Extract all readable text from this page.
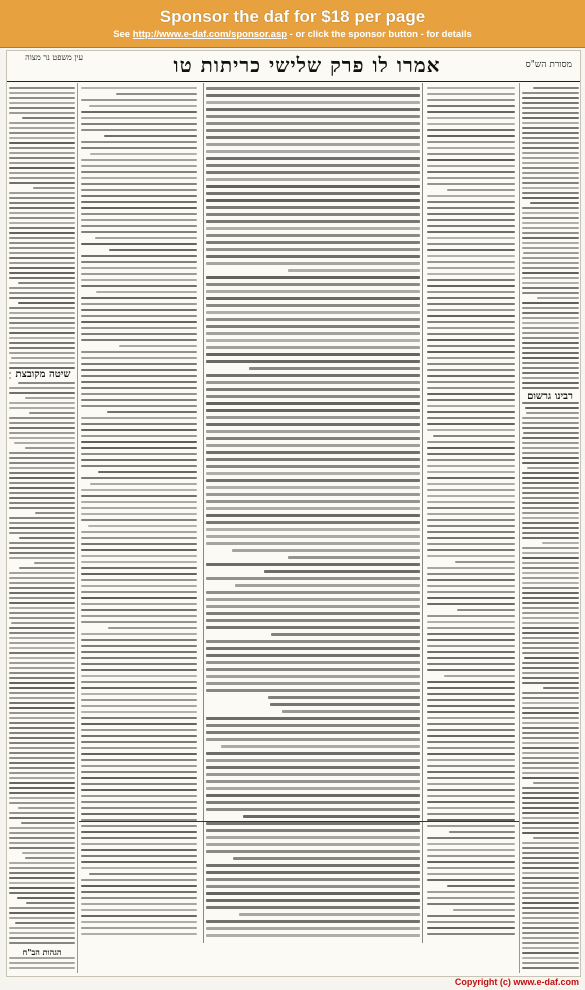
Sponsor the daf for $18 per page
See http://www.e-daf.com/sponsor.asp - or click the sponsor button - for details
עין משפט נר מצוה	אמרו לו פרק שלישי כריתות טו	מסורת הש"ס
שיטה מקובצת
רבינו גרשום
הגהות הב"ח
Copyright (c) www.e-daf.com
